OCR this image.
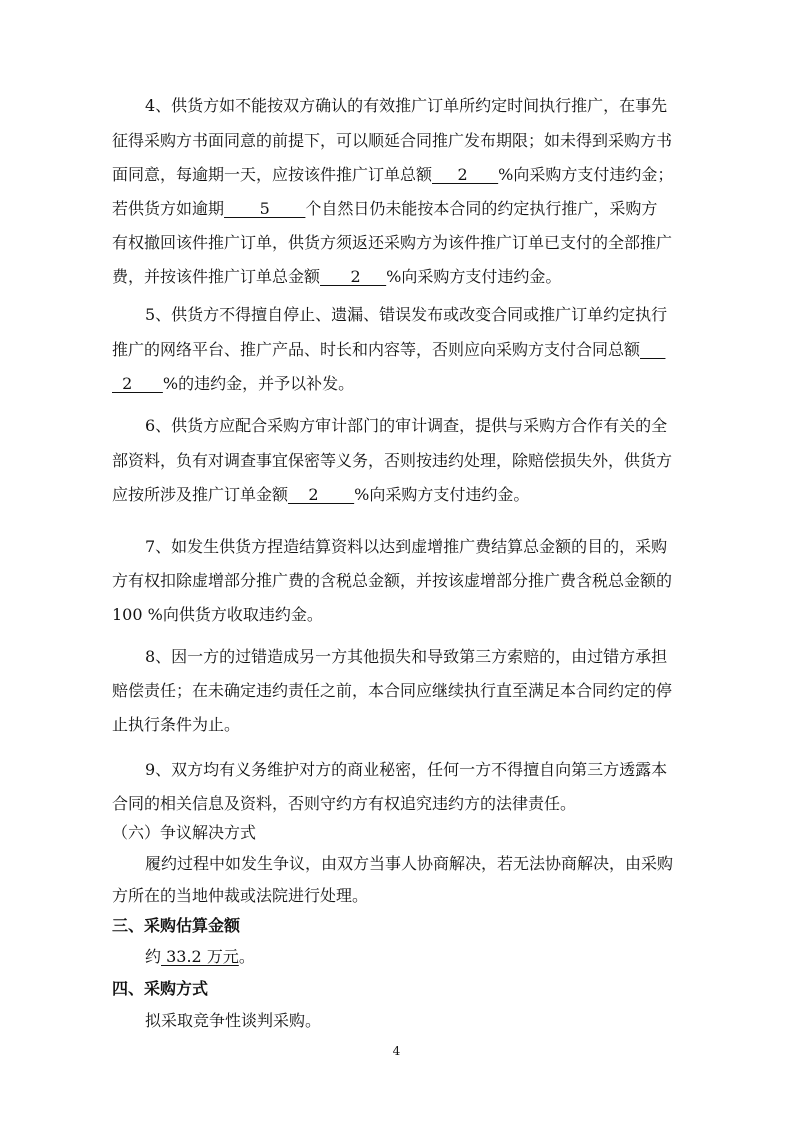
4、供货方如不能按双方确认的有效推广订单所约定时间执行推广，在事先
征得采购方书面同意的前提下，可以顺延合同推广发布期限；如未得到采购方书
面同意，每逾期一天，应按该件推广订单总额     2      %向采购方支付违约金；
若供货方如逾期       5       个自然日仍未能按本合同的约定执行推广，采购方
有权撤回该件推广订单，供货方须返还采购方为该件推广订单已支付的全部推广
费，并按该件推广订单总金额      2     %向采购方支付违约金。
5、供货方不得擅自停止、遗漏、错误发布或改变合同或推广订单约定执行
推广的网络平台、推广产品、时长和内容等，否则应向采购方支付合同总额
2      %的违约金，并予以补发。
6、供货方应配合采购方审计部门的审计调查，提供与采购方合作有关的全
部资料，负有对调查事宜保密等义务，否则按违约处理，除赔偿损失外，供货方
应按所涉及推广订单金额    2       %向采购方支付违约金。
7、如发生供货方捏造结算资料以达到虚增推广费结算总金额的目的，采购
方有权扣除虚增部分推广费的含税总金额，并按该虚增部分推广费含税总金额的
100 %向供货方收取违约金。
8、因一方的过错造成另一方其他损失和导致第三方索赔的，由过错方承担
赔偿责任；在未确定违约责任之前，本合同应继续执行直至满足本合同约定的停
止执行条件为止。
9、双方均有义务维护对方的商业秘密，任何一方不得擅自向第三方透露本
合同的相关信息及资料，否则守约方有权追究违约方的法律责任。
（六）争议解决方式
履约过程中如发生争议，由双方当事人协商解决，若无法协商解决，由采购
方所在的当地仲裁或法院进行处理。
三、采购估算金额
约 33.2 万元。
四、采购方式
拟采取竞争性谈判采购。
4
